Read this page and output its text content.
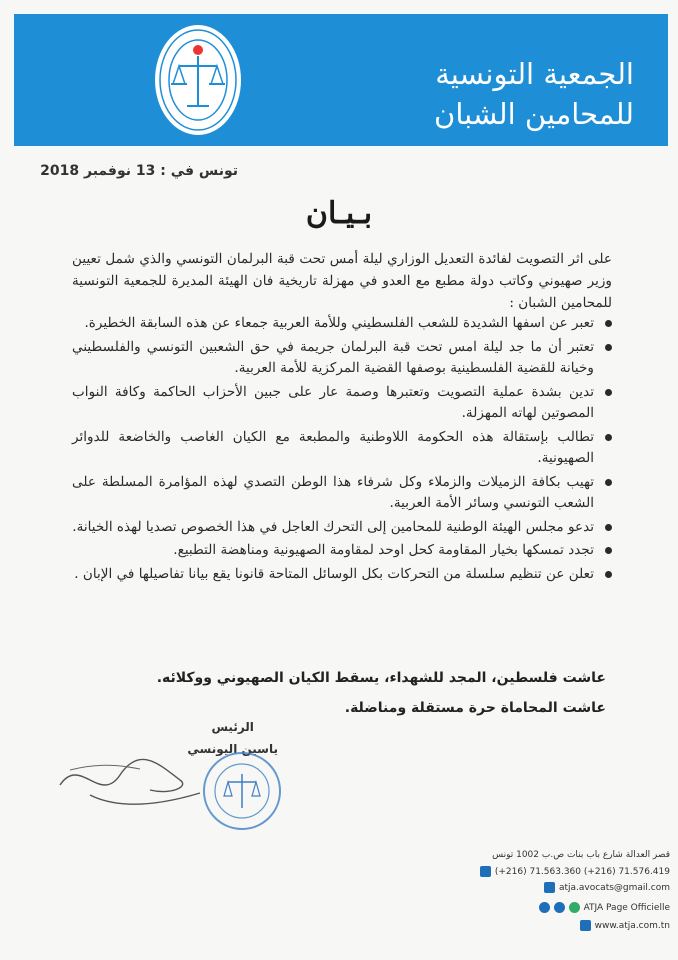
الجمعية التونسية
للمحامين الشبان
تونس في : 13 نوفمبر 2018
بـيـان
على اثر التصويت لفائدة التعديل الوزاري ليلة أمس تحت قبة البرلمان التونسي والذي شمل تعيين وزير صهيوني وكاتب دولة مطبع مع العدو في مهزلة تاريخية فان الهيئة المديرة للجمعية التونسية للمحامين الشبان :
تعبر عن اسفها الشديدة للشعب الفلسطيني وللأمة العربية جمعاء عن هذه السابقة الخطيرة.
تعتبر أن ما جد ليلة امس تحت قبة البرلمان جريمة في حق الشعبين التونسي والفلسطيني وخيانة للقضية الفلسطينية بوصفها القضية المركزية للأمة العربية.
تدين بشدة عملية التصويت وتعتبرها وصمة عار على جبين الأحزاب الحاكمة وكافة النواب المصوتين لهاته المهزلة.
تطالب بإستقالة هذه الحكومة اللاوطنية والمطبعة مع الكيان الغاصب والخاضعة للدوائر الصهيونية.
تهيب بكافة الزميلات والزملاء وكل شرفاء هذا الوطن التصدي لهذه المؤامرة المسلطة على الشعب التونسي وسائر الأمة العربية.
تدعو مجلس الهيئة الوطنية للمحامين إلى التحرك العاجل في هذا الخصوص تصديا لهذه الخيانة.
تجدد تمسكها بخيار المقاومة كحل اوحد لمقاومة الصهيونية ومناهضة التطبيع.
تعلن عن تنظيم سلسلة من التحركات بكل الوسائل المتاحة قانونا يقع بيانا تفاصيلها في الإبان .
عاشت فلسطين، المجد للشهداء، يسقط الكيان الصهيوني ووكلائه.
عاشت المحاماة حرة مستقلة ومناضلة.
الرئيس
ياسين اليونسي
قصر العدالة شارع باب بنات ص.ب 1002 تونس
(+216) 71.563.360 (+216) 71.576.419
atja.avocats@gmail.com
ATJA Page Officielle
www.atja.com.tn
